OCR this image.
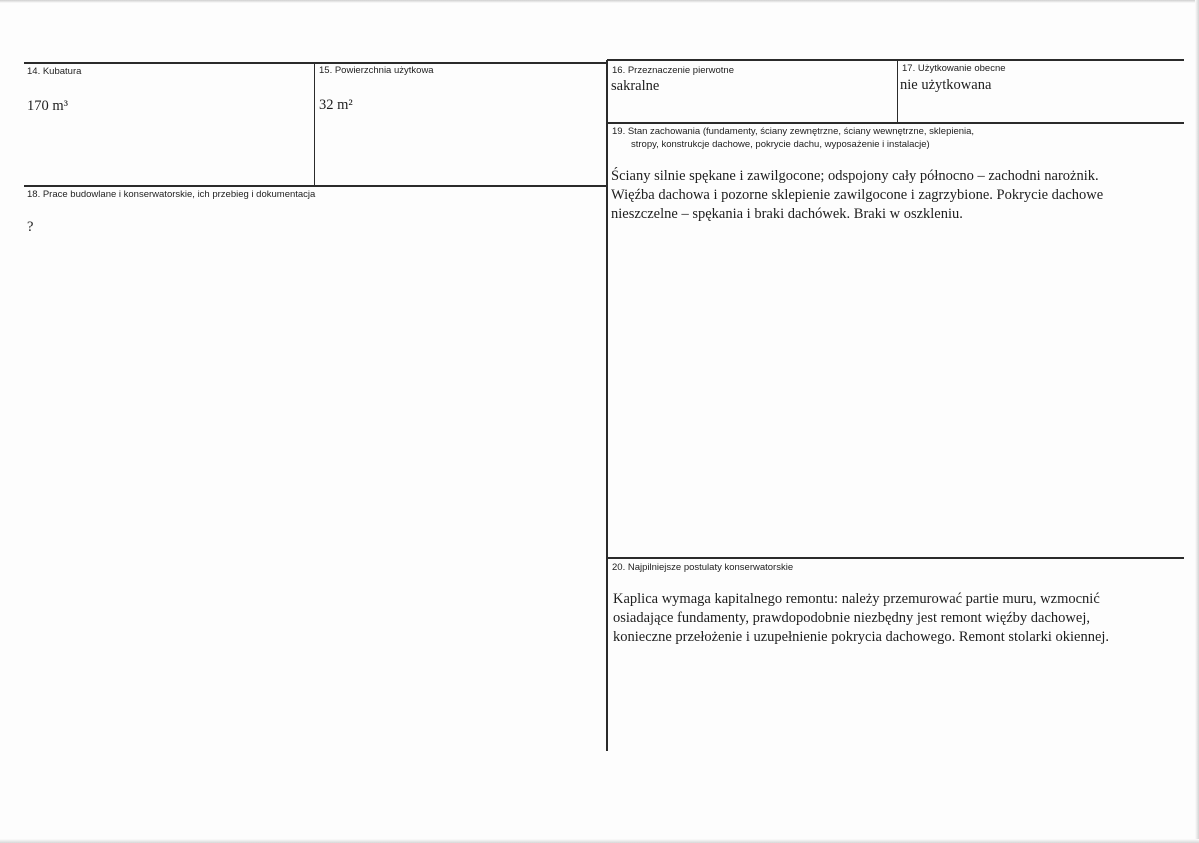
14. Kubatura
170 m³
15. Powierzchnia użytkowa
32 m²
16. Przeznaczenie pierwotne
sakralne
17. Użytkowanie obecne
nie użytkowana
18. Prace budowlane i konserwatorskie, ich przebieg i dokumentacja
?
19. Stan zachowania (fundamenty, ściany zewnętrzne, ściany wewnętrzne, sklepienia,
stropy, konstrukcje dachowe, pokrycie dachu, wyposażenie i instalacje)
Ściany silnie spękane i zawilgocone; odspojony cały północno – zachodni narożnik.
Więźba dachowa i pozorne sklepienie zawilgocone i zagrzybione. Pokrycie dachowe
nieszczelne – spękania i braki dachówek. Braki w oszkleniu.
20. Najpilniejsze postulaty konserwatorskie
Kaplica wymaga kapitalnego remontu: należy przemurować partie muru, wzmocnić
osiadające fundamenty, prawdopodobnie niezbędny jest remont więźby dachowej,
konieczne przełożenie i uzupełnienie pokrycia dachowego. Remont stolarki okiennej.
